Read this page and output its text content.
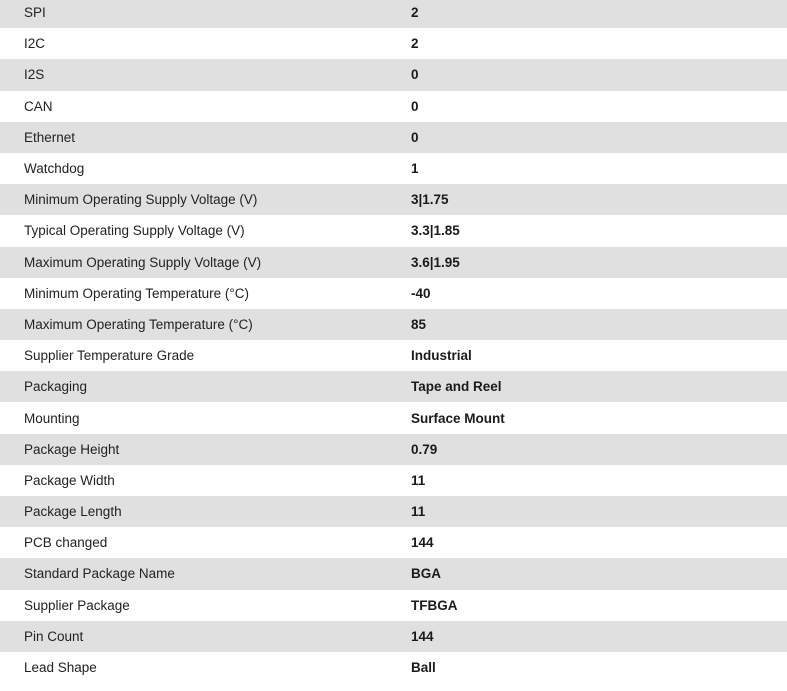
SPI	2
I2C	2
I2S	0
CAN	0
Ethernet	0
Watchdog	1
Minimum Operating Supply Voltage (V)	3|1.75
Typical Operating Supply Voltage (V)	3.3|1.85
Maximum Operating Supply Voltage (V)	3.6|1.95
Minimum Operating Temperature (°C)	-40
Maximum Operating Temperature (°C)	85
Supplier Temperature Grade	Industrial
Packaging	Tape and Reel
Mounting	Surface Mount
Package Height	0.79
Package Width	11
Package Length	11
PCB changed	144
Standard Package Name	BGA
Supplier Package	TFBGA
Pin Count	144
Lead Shape	Ball
